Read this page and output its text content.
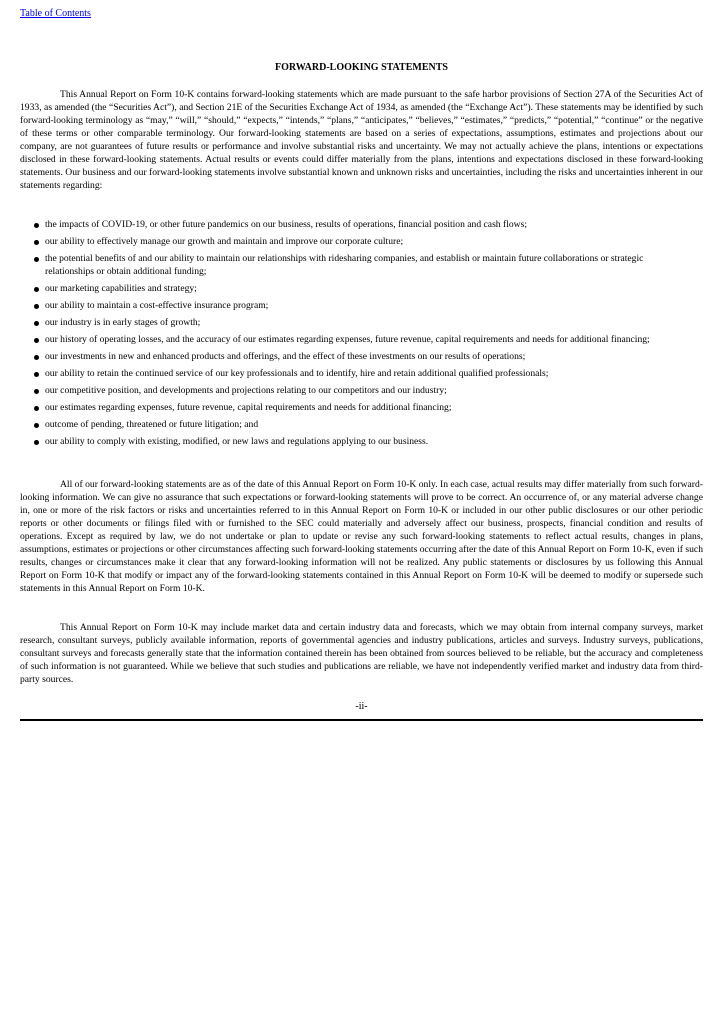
Table of Contents
FORWARD-LOOKING STATEMENTS

This Annual Report on Form 10-K contains forward-looking statements which are made pursuant to the safe harbor provisions of Section 27A of the Securities Act of 1933, as amended (the “Securities Act”), and Section 21E of the Securities Exchange Act of 1934, as amended (the “Exchange Act”). These statements may be identified by such forward-looking terminology as “may,” “will,” “should,” “expects,” “intends,” “plans,” “anticipates,” “believes,” “estimates,” “predicts,” “potential,” “continue” or the negative of these terms or other comparable terminology. Our forward-looking statements are based on a series of expectations, assumptions, estimates and projections about our company, are not guarantees of future results or performance and involve substantial risks and uncertainty. We may not actually achieve the plans, intentions or expectations disclosed in these forward-looking statements. Actual results or events could differ materially from the plans, intentions and expectations disclosed in these forward-looking statements. Our business and our forward-looking statements involve substantial known and unknown risks and uncertainties, including the risks and uncertainties inherent in our statements regarding:

the impacts of COVID-19, or other future pandemics on our business, results of operations, financial position and cash flows;
our ability to effectively manage our growth and maintain and improve our corporate culture;
the potential benefits of and our ability to maintain our relationships with ridesharing companies, and establish or maintain future collaborations or strategic relationships or obtain additional funding;
our marketing capabilities and strategy;
our ability to maintain a cost-effective insurance program;
our industry is in early stages of growth;
our history of operating losses, and the accuracy of our estimates regarding expenses, future revenue, capital requirements and needs for additional financing;
our investments in new and enhanced products and offerings, and the effect of these investments on our results of operations;
our ability to retain the continued service of our key professionals and to identify, hire and retain additional qualified professionals;
our competitive position, and developments and projections relating to our competitors and our industry;
our estimates regarding expenses, future revenue, capital requirements and needs for additional financing;
outcome of pending, threatened or future litigation; and
our ability to comply with existing, modified, or new laws and regulations applying to our business.

All of our forward-looking statements are as of the date of this Annual Report on Form 10-K only. In each case, actual results may differ materially from such forward-looking information. We can give no assurance that such expectations or forward-looking statements will prove to be correct. An occurrence of, or any material adverse change in, one or more of the risk factors or risks and uncertainties referred to in this Annual Report on Form 10-K or included in our other public disclosures or our other periodic reports or other documents or filings filed with or furnished to the SEC could materially and adversely affect our business, prospects, financial condition and results of operations. Except as required by law, we do not undertake or plan to update or revise any such forward-looking statements to reflect actual results, changes in plans, assumptions, estimates or projections or other circumstances affecting such forward-looking statements occurring after the date of this Annual Report on Form 10-K, even if such results, changes or circumstances make it clear that any forward-looking information will not be realized. Any public statements or disclosures by us following this Annual Report on Form 10-K that modify or impact any of the forward-looking statements contained in this Annual Report on Form 10-K will be deemed to modify or supersede such statements in this Annual Report on Form 10-K.

This Annual Report on Form 10-K may include market data and certain industry data and forecasts, which we may obtain from internal company surveys, market research, consultant surveys, publicly available information, reports of governmental agencies and industry publications, articles and surveys. Industry surveys, publications, consultant surveys and forecasts generally state that the information contained therein has been obtained from sources believed to be reliable, but the accuracy and completeness of such information is not guaranteed. While we believe that such studies and publications are reliable, we have not independently verified market and industry data from third-party sources.

-ii-
